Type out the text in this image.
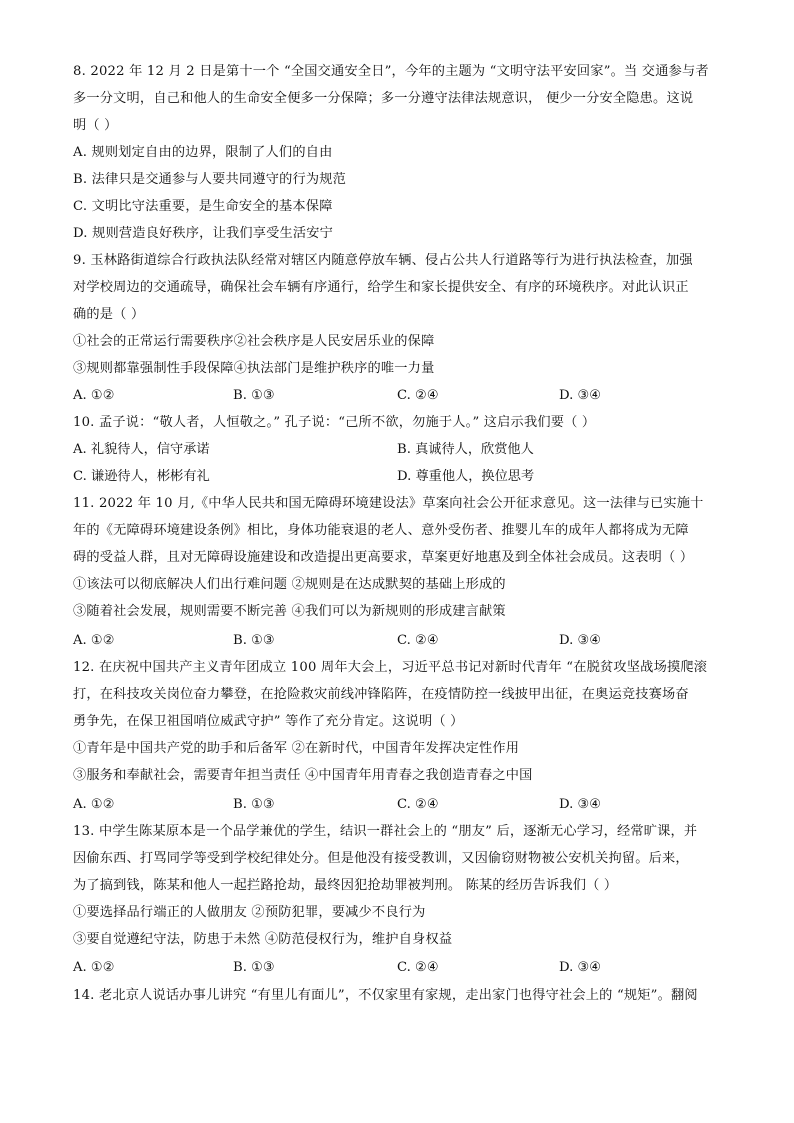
8. 2022 年 12 月 2 日是第十一个 “全国交通安全日”，今年的主题为 “文明守法平安回家”。当 交通参与者
多一分文明，自己和他人的生命安全便多一分保障；多一分遵守法律法规意识， 便少一分安全隐患。这说
明（ ）
A. 规则划定自由的边界，限制了人们的自由
B. 法律只是交通参与人要共同遵守的行为规范
C. 文明比守法重要，是生命安全的基本保障
D. 规则营造良好秩序，让我们享受生活安宁
9. 玉林路街道综合行政执法队经常对辖区内随意停放车辆、侵占公共人行道路等行为进行执法检查，加强
对学校周边的交通疏导，确保社会车辆有序通行，给学生和家长提供安全、有序的环境秩序。对此认识正
确的是（ ）
①社会的正常运行需要秩序②社会秩序是人民安居乐业的保障
③规则都靠强制性手段保障④执法部门是维护秩序的唯一力量
A. ①②	B. ①③	C. ②④	D. ③④
10. 孟子说：“敬人者，人恒敬之。” 孔子说：“己所不欲，勿施于人。” 这启示我们要（ ）
A. 礼貌待人，信守承诺	B. 真诚待人，欣赏他人
C. 谦逊待人，彬彬有礼	D. 尊重他人，换位思考
11. 2022 年 10 月,《中华人民共和国无障碍环境建设法》草案向社会公开征求意见。这一法律与已实施十
年的《无障碍环境建设条例》相比，身体功能衰退的老人、意外受伤者、推婴儿车的成年人都将成为无障
碍的受益人群，且对无障碍设施建设和改造提出更高要求，草案更好地惠及到全体社会成员。这表明（ ）
①该法可以彻底解决人们出行难问题 ②规则是在达成默契的基础上形成的
③随着社会发展，规则需要不断完善 ④我们可以为新规则的形成建言献策
A. ①②	B. ①③	C. ②④	D. ③④
12. 在庆祝中国共产主义青年团成立 100 周年大会上，习近平总书记对新时代青年 “在脱贫攻坚战场摸爬滚
打，在科技攻关岗位奋力攀登，在抢险救灾前线冲锋陷阵，在疫情防控一线披甲出征，在奥运竞技赛场奋
勇争先，在保卫祖国哨位威武守护” 等作了充分肯定。这说明（ ）
①青年是中国共产党的助手和后备军 ②在新时代，中国青年发挥决定性作用
③服务和奉献社会，需要青年担当责任 ④中国青年用青春之我创造青春之中国
A. ①②	B. ①③	C. ②④	D. ③④
13. 中学生陈某原本是一个品学兼优的学生，结识一群社会上的 “朋友” 后，逐渐无心学习，经常旷课，并
因偷东西、打骂同学等受到学校纪律处分。但是他没有接受教训，又因偷窃财物被公安机关拘留。后来，
为了搞到钱，陈某和他人一起拦路抢劫，最终因犯抢劫罪被判刑。 陈某的经历告诉我们（ ）
①要选择品行端正的人做朋友 ②预防犯罪，要减少不良行为
③要自觉遵纪守法，防患于未然 ④防范侵权行为，维护自身权益
A. ①②	B. ①③	C. ②④	D. ③④
14. 老北京人说话办事儿讲究 “有里儿有面儿”，不仅家里有家规，走出家门也得守社会上的 “规矩”。翻阅
